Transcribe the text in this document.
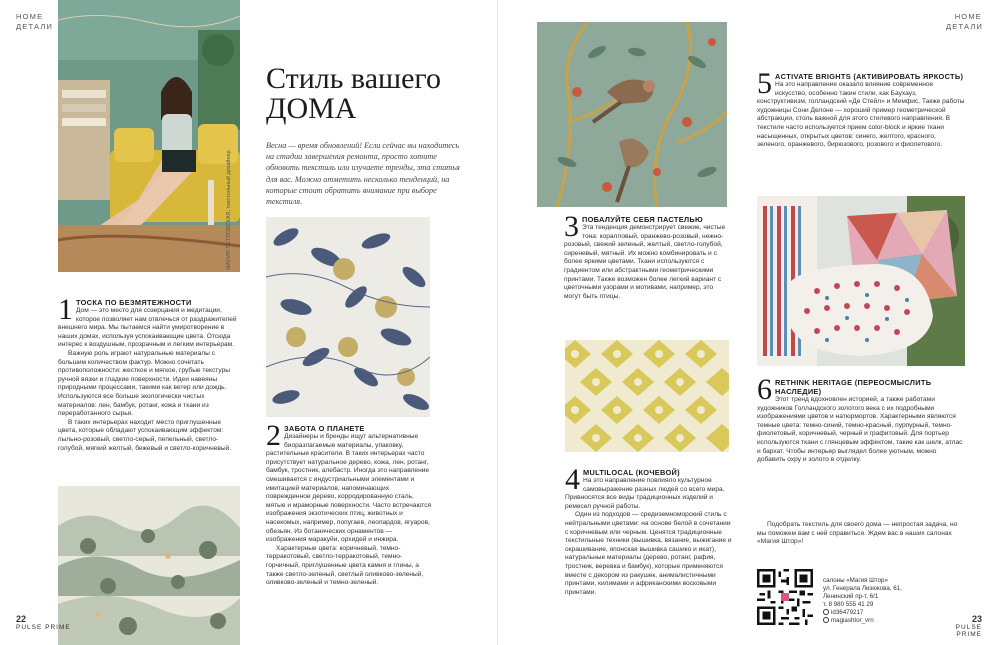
HOME
ДЕТАЛИ
HOME
ДЕТАЛИ
МАРИЯ ПЕТРОВСКАЯ, текстильный дизайнер
Стиль вашего
ДОМА

Весна — время обновлений! Если сейчас вы находитесь на стадии завершения ремонта, просто хотите обновить текстиль или изучаете тренды, эта статья для вас. Можно отметить несколько тенденций, на которые стоит обратить внимание при выборе текстиля.

1 ТОСКА ПО БЕЗМЯТЕЖНОСТИ

Дом — это место для созерцания и медитации, которое позволяет нам отвлечься от раздражителей внешнего мира. Мы пытаемся найти умиротворение в наших домах, используя успокаивающие цвета. Отсюда интерес к воздушным, прозрачным и легким интерьерам.

Важную роль играют натуральные материалы с большим количеством фактур. Можно сочетать противоположности: жесткое и мягкое, грубые текстуры ручной вязки и гладкие поверхности. Идеи навеяны природными процессами, такими как ветер или дождь. Используются все больше экологически чистых материалов: лен, бамбук, ротанг, кожа и ткани из переработанного сырья.

В таких интерьерах находит место приглушенные цвета, которые обладают успокаивающим эффектом: пыльно-розовый, светло-серый, пепельный, светло-голубой, мягкий желтый, бежевый и светло-коричневый. 2 ЗАБОТА О ПЛАНЕТЕ

Дизайнеры и бренды ищут альтернативные биоразлагаемые материалы, упаковку, растительные красители. В таких интерьерах часто присутствует натуральное дерево, кожа, лен, ротанг, бамбук, тростник, алебастр. Иногда это направление смешивается с индустриальными элементами и имитацией материалов, напоминающих поврежденное дерево, корродированную сталь, мятые и мраморные поверхности. Часто встречаются изображения экзотических птиц, животных и насекомых, например, попугаев, леопардов, ягуаров, обезьян. Из ботанических орнаментов — изображения маракуйи, орхидей и инжира.

Характерные цвета: коричневый, темно-терракотовый, светло-терракотовый, темно-горчичный, приглушенные цвета камня и глины, а также светло-зеленый, светлый оливково-зеленый, оливково-зеленый и темно-зеленый.

22
PULSE PRIME
3 ПОБАЛУЙТЕ СЕБЯ ПАСТЕЛЬЮ

Эта тенденция демонстрирует свежие, чистые тона: коралловый, оранжево-розовый, нежно-розовый, свежий зеленый, желтый, светло-голубой, сиреневый, мятный. Их можно комбинировать и с более яркими цветами. Ткани используются с градиентом или абстрактными геометрическими принтами. Также возможен более легкий вариант с цветочными узорами и мотивами, например, это могут быть птицы.

4 MULTILOCAL (КОЧЕВОЙ)

На это направление повлияло культурное самовыражение разных людей со всего мира. Привносятся все виды традиционных изделий и ремесел ручной работы.

Один из подходов — средиземноморский стиль с нейтральными цветами: на основе белой в сочетании с коричневым или черным. Ценятся традиционные текстильные техники (вышивка, вязание, выжигание и окрашивание, японская вышивка сашико и икат), натуральные материалы (дерево, ротанг, рафия, тростник, веревка и бамбук), которые применяются вместе с декором из ракушек, анималистичными принтами, килимами и африканскими восковыми принтами.

5 ACTIVATE BRIGHTS (АКТИВИРОВАТЬ ЯРКОСТЬ)

На это направление оказало влияние современное искусство, особенно такие стили, как Баухауз, конструктивизм, голландский «Де Стейл» и Мемфис. Также работы художницы Сони Делоне — хороший пример геометрической абстракции, столь важной для этого стилевого направления. В текстиле часто используется прием color-block и яркие ткани насыщенных, открытых цветов: синего, желтого, красного, зеленого, оранжевого, бирюзового, розового и фиолетового.

6 RETHINK HERITAGE (ПЕРЕОСМЫСЛИТЬ НАСЛЕДИЕ)

Этот тренд вдохновлен историей, а также работами художников Голландского золотого века с их подробными изображениями цветов и натюрмортов. Характерными являются темные цвета: темно-синий, темно-красный, пурпурный, темно-фиолетовый, коричневый, черный и графитовый. Для портьер используются ткани с глянцевым эффектом, такие как шелк, атлас и бархат. Чтобы интерьер выглядел более уютным, можно добавить охру и золото в отделку.

Подобрать текстиль для своего дома — непростая задача, но мы поможем вам с ней справиться. Ждем вас в наших салонах «Магия Штор»!

салоны «Магия Штор»
ул. Генерала Лизюкова, 61,
Ленинский пр-т, 6/1
т. 8 980 555 41 29
id36479217
magiashtor_vrn	23
PULSE PRIME
